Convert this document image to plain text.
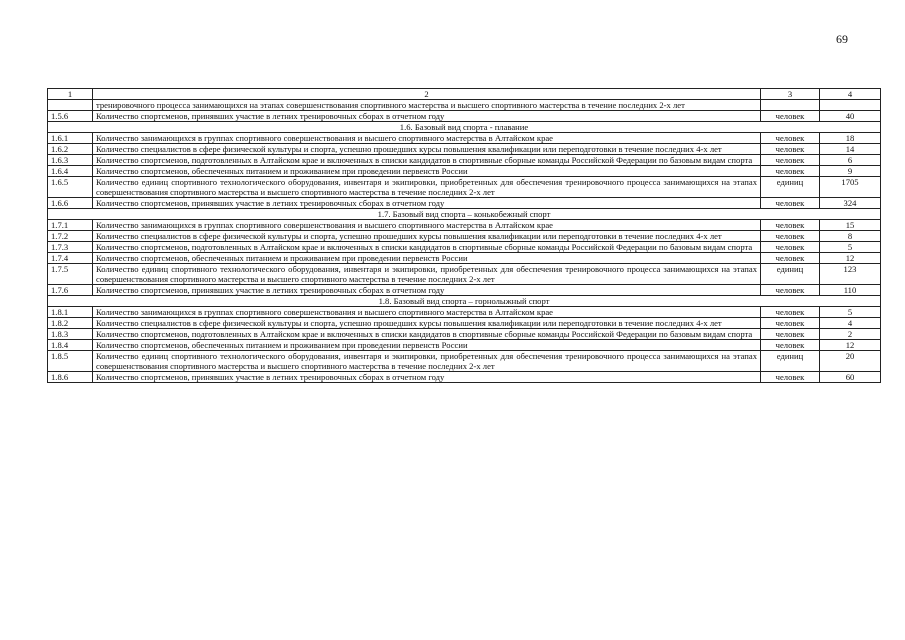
69
1	2	3	4
	тренировочного процесса занимающихся на этапах совершенствования спортивного мастерства и высшего спортивного мастерства в течение последних 2-х лет		
1.5.6	Количество спортсменов, принявших участие в летних тренировочных сборах в отчетном году	человек	40
1.6. Базовый вид спорта - плавание			
1.6.1	Количество занимающихся в группах спортивного совершенствования и высшего спортивного мастерства в Алтайском крае	человек	18
1.6.2	Количество специалистов в сфере физической культуры и спорта, успешно прошедших курсы повышения квалификации или переподготовки в течение последних 4-х лет	человек	14
1.6.3	Количество спортсменов, подготовленных в Алтайском крае и включенных в списки кандидатов в спортивные сборные команды Российской Федерации по базовым видам спорта	человек	6
1.6.4	Количество спортсменов, обеспеченных питанием и проживанием при проведении первенств России	человек	9
1.6.5	Количество единиц спортивного технологического оборудования, инвентаря и экипировки, приобретенных для обеспечения тренировочного процесса занимающихся на этапах совершенствования спортивного мастерства и высшего спортивного мастерства в течение последних 2-х лет	единиц	1705
1.6.6	Количество спортсменов, принявших участие в летних тренировочных сборах в отчетном году	человек	324
1.7. Базовый вид спорта – конькобежный спорт			
1.7.1	Количество занимающихся в группах спортивного совершенствования и высшего спортивного мастерства в Алтайском крае	человек	15
1.7.2	Количество специалистов в сфере физической культуры и спорта, успешно прошедших курсы повышения квалификации или переподготовки в течение последних 4-х лет	человек	8
1.7.3	Количество спортсменов, подготовленных в Алтайском крае и включенных в списки кандидатов в спортивные сборные команды Российской Федерации по базовым видам спорта	человек	5
1.7.4	Количество спортсменов, обеспеченных питанием и проживанием при проведении первенств России	человек	12
1.7.5	Количество единиц спортивного технологического оборудования, инвентаря и экипировки, приобретенных для обеспечения тренировочного процесса занимающихся на этапах совершенствования спортивного мастерства и высшего спортивного мастерства в течение последних 2-х лет	единиц	123
1.7.6	Количество спортсменов, принявших участие в летних тренировочных сборах в отчетном году	человек	110
1.8. Базовый вид спорта – горнолыжный спорт			
1.8.1	Количество занимающихся в группах спортивного совершенствования и высшего спортивного мастерства в Алтайском крае	человек	5
1.8.2	Количество специалистов в сфере физической культуры и спорта, успешно прошедших курсы повышения квалификации или переподготовки в течение последних 4-х лет	человек	4
1.8.3	Количество спортсменов, подготовленных в Алтайском крае и включенных в списки кандидатов в спортивные сборные команды Российской Федерации по базовым видам спорта	человек	2
1.8.4	Количество спортсменов, обеспеченных питанием и проживанием при проведении первенств России	человек	12
1.8.5	Количество единиц спортивного технологического оборудования, инвентаря и экипировки, приобретенных для обеспечения тренировочного процесса занимающихся на этапах совершенствования спортивного мастерства и высшего спортивного мастерства в течение последних 2-х лет	единиц	20
1.8.6	Количество спортсменов, принявших участие в летних тренировочных сборах в отчетном году	человек	60
